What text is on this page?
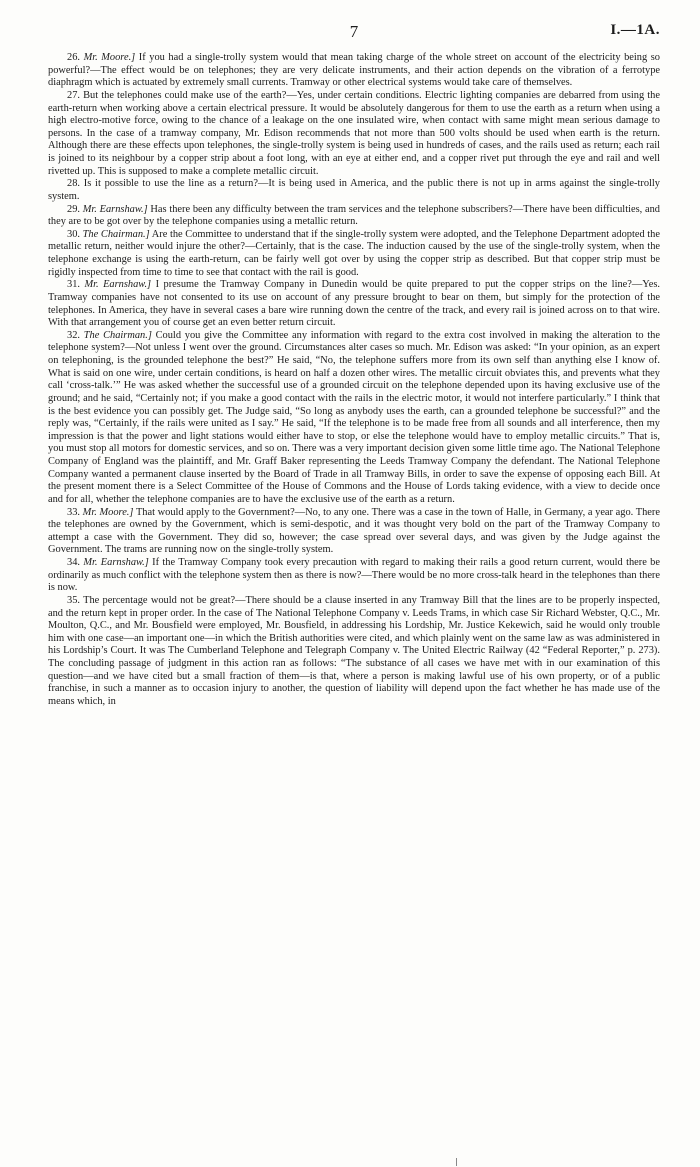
7	I.—1A.

26. Mr. Moore.] If you had a single-trolly system would that mean taking charge of the whole street on account of the electricity being so powerful?—The effect would be on telephones; they are very delicate instruments, and their action depends on the vibration of a ferrotype diaphragm which is actuated by extremely small currents. Tramway or other electrical systems would take care of themselves.

27. But the telephones could make use of the earth?—Yes, under certain conditions. Electric lighting companies are debarred from using the earth-return when working above a certain electrical pressure. It would be absolutely dangerous for them to use the earth as a return when using a high electro-motive force, owing to the chance of a leakage on the one insulated wire, when contact with same might mean serious damage to persons. In the case of a tramway company, Mr. Edison recommends that not more than 500 volts should be used when earth is the return. Although there are these effects upon telephones, the single-trolly system is being used in hundreds of cases, and the rails used as return; each rail is joined to its neighbour by a copper strip about a foot long, with an eye at either end, and a copper rivet put through the eye and rail and well rivetted up. This is supposed to make a complete metallic circuit.

28. Is it possible to use the line as a return?—It is being used in America, and the public there is not up in arms against the single-trolly system.

29. Mr. Earnshaw.] Has there been any difficulty between the tram services and the telephone subscribers?—There have been difficulties, and they are to be got over by the telephone companies using a metallic return.

30. The Chairman.] Are the Committee to understand that if the single-trolly system were adopted, and the Telephone Department adopted the metallic return, neither would injure the other?—Certainly, that is the case. The induction caused by the use of the single-trolly system, when the telephone exchange is using the earth-return, can be fairly well got over by using the copper strip as described. But that copper strip must be rigidly inspected from time to time to see that contact with the rail is good.

31. Mr. Earnshaw.] I presume the Tramway Company in Dunedin would be quite prepared to put the copper strips on the line?—Yes. Tramway companies have not consented to its use on account of any pressure brought to bear on them, but simply for the protection of the telephones. In America, they have in several cases a bare wire running down the centre of the track, and every rail is joined across on to that wire. With that arrangement you of course get an even better return circuit.

32. The Chairman.] Could you give the Committee any information with regard to the extra cost involved in making the alteration to the telephone system?—Not unless I went over the ground. Circumstances alter cases so much. Mr. Edison was asked: “In your opinion, as an expert on telephoning, is the grounded telephone the best?” He said, “No, the telephone suffers more from its own self than anything else I know of. What is said on one wire, under certain conditions, is heard on half a dozen other wires. The metallic circuit obviates this, and prevents what they call ‘cross-talk.’” He was asked whether the successful use of a grounded circuit on the telephone depended upon its having exclusive use of the ground; and he said, “Certainly not; if you make a good contact with the rails in the electric motor, it would not interfere particularly.” I think that is the best evidence you can possibly get. The Judge said, “So long as anybody uses the earth, can a grounded telephone be successful?” and the reply was, “Certainly, if the rails were united as I say.” He said, “If the telephone is to be made free from all sounds and all interference, then my impression is that the power and light stations would either have to stop, or else the telephone would have to employ metallic circuits.” That is, you must stop all motors for domestic services, and so on. There was a very important decision given some little time ago. The National Telephone Company of England was the plaintiff, and Mr. Graff Baker representing the Leeds Tramway Company the defendant. The National Telephone Company wanted a permanent clause inserted by the Board of Trade in all Tramway Bills, in order to save the expense of opposing each Bill. At the present moment there is a Select Committee of the House of Commons and the House of Lords taking evidence, with a view to decide once and for all, whether the telephone companies are to have the exclusive use of the earth as a return.

33. Mr. Moore.] That would apply to the Government?—No, to any one. There was a case in the town of Halle, in Germany, a year ago. There the telephones are owned by the Government, which is semi-despotic, and it was thought very bold on the part of the Tramway Company to attempt a case with the Government. They did so, however; the case spread over several days, and was given by the Judge against the Government. The trams are running now on the single-trolly system.

34. Mr. Earnshaw.] If the Tramway Company took every precaution with regard to making their rails a good return current, would there be ordinarily as much conflict with the telephone system then as there is now?—There would be no more cross-talk heard in the telephones than there is now.

35. The percentage would not be great?—There should be a clause inserted in any Tramway Bill that the lines are to be properly inspected, and the return kept in proper order. In the case of The National Telephone Company v. Leeds Trams, in which case Sir Richard Webster, Q.C., Mr. Moulton, Q.C., and Mr. Bousfield were employed, Mr. Bousfield, in addressing his Lordship, Mr. Justice Kekewich, said he would only trouble him with one case—an important one—in which the British authorities were cited, and which plainly went on the same law as was administered in his Lordship’s Court. It was The Cumberland Telephone and Telegraph Company v. The United Electric Railway (42 “Federal Reporter,” p. 273). The concluding passage of judgment in this action ran as follows: “The substance of all cases we have met with in our examination of this question—and we have cited but a small fraction of them—is that, where a person is making lawful use of his own property, or of a public franchise, in such a manner as to occasion injury to another, the question of liability will depend upon the fact whether he has made use of the means which, in
